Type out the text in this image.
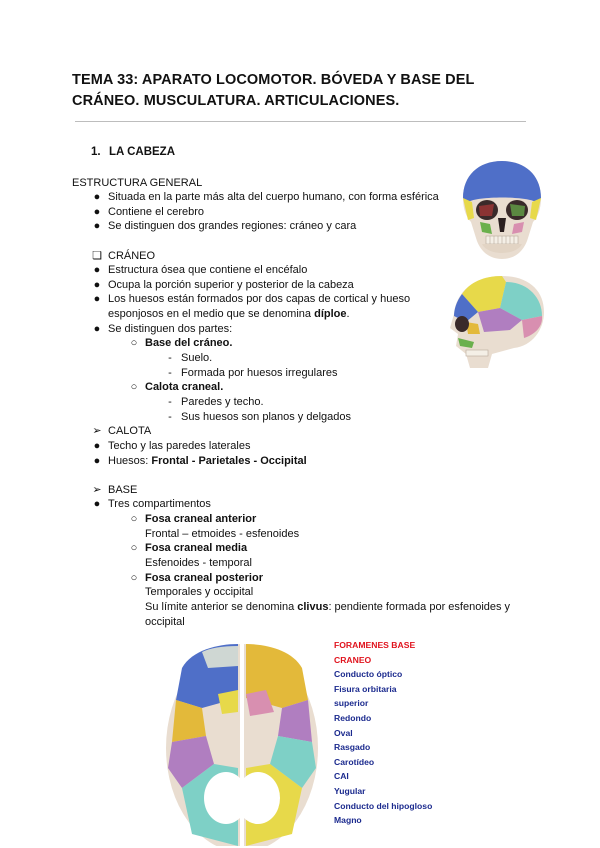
TEMA 33: APARATO LOCOMOTOR. BÓVEDA Y BASE DEL CRÁNEO. MUSCULATURA. ARTICULACIONES.
1. LA CABEZA
ESTRUCTURA GENERAL
● Situada en la parte más alta del cuerpo humano, con forma esférica
● Contiene el cerebro
● Se distinguen dos grandes regiones: cráneo y cara
❏ CRÁNEO
● Estructura ósea que contiene el encéfalo
● Ocupa la porción superior y posterior de la cabeza
● Los huesos están formados por dos capas de cortical y hueso
esponjosos en el medio que se denomina díploe.
● Se distinguen dos partes:
○ Base del cráneo.
- Suelo.
- Formada por huesos irregulares
○ Calota craneal.
- Paredes y techo.
- Sus huesos son planos y delgados
➢ CALOTA
● Techo y las paredes laterales
● Huesos: Frontal - Parietales - Occipital
➢ BASE
● Tres compartimentos
○ Fosa craneal anterior
Frontal – etmoides - esfenoides
○ Fosa craneal media
Esfenoides - temporal
○ Fosa craneal posterior
Temporales y occipital
Su límite anterior se denomina clivus: pendiente formada por esfenoides y
occipital
FORAMENES BASE
CRANEO
Conducto óptico
Fisura orbitaria
superior
Redondo
Oval
Rasgado
Carotídeo
CAI
Yugular
Conducto del hipogloso
Magno
